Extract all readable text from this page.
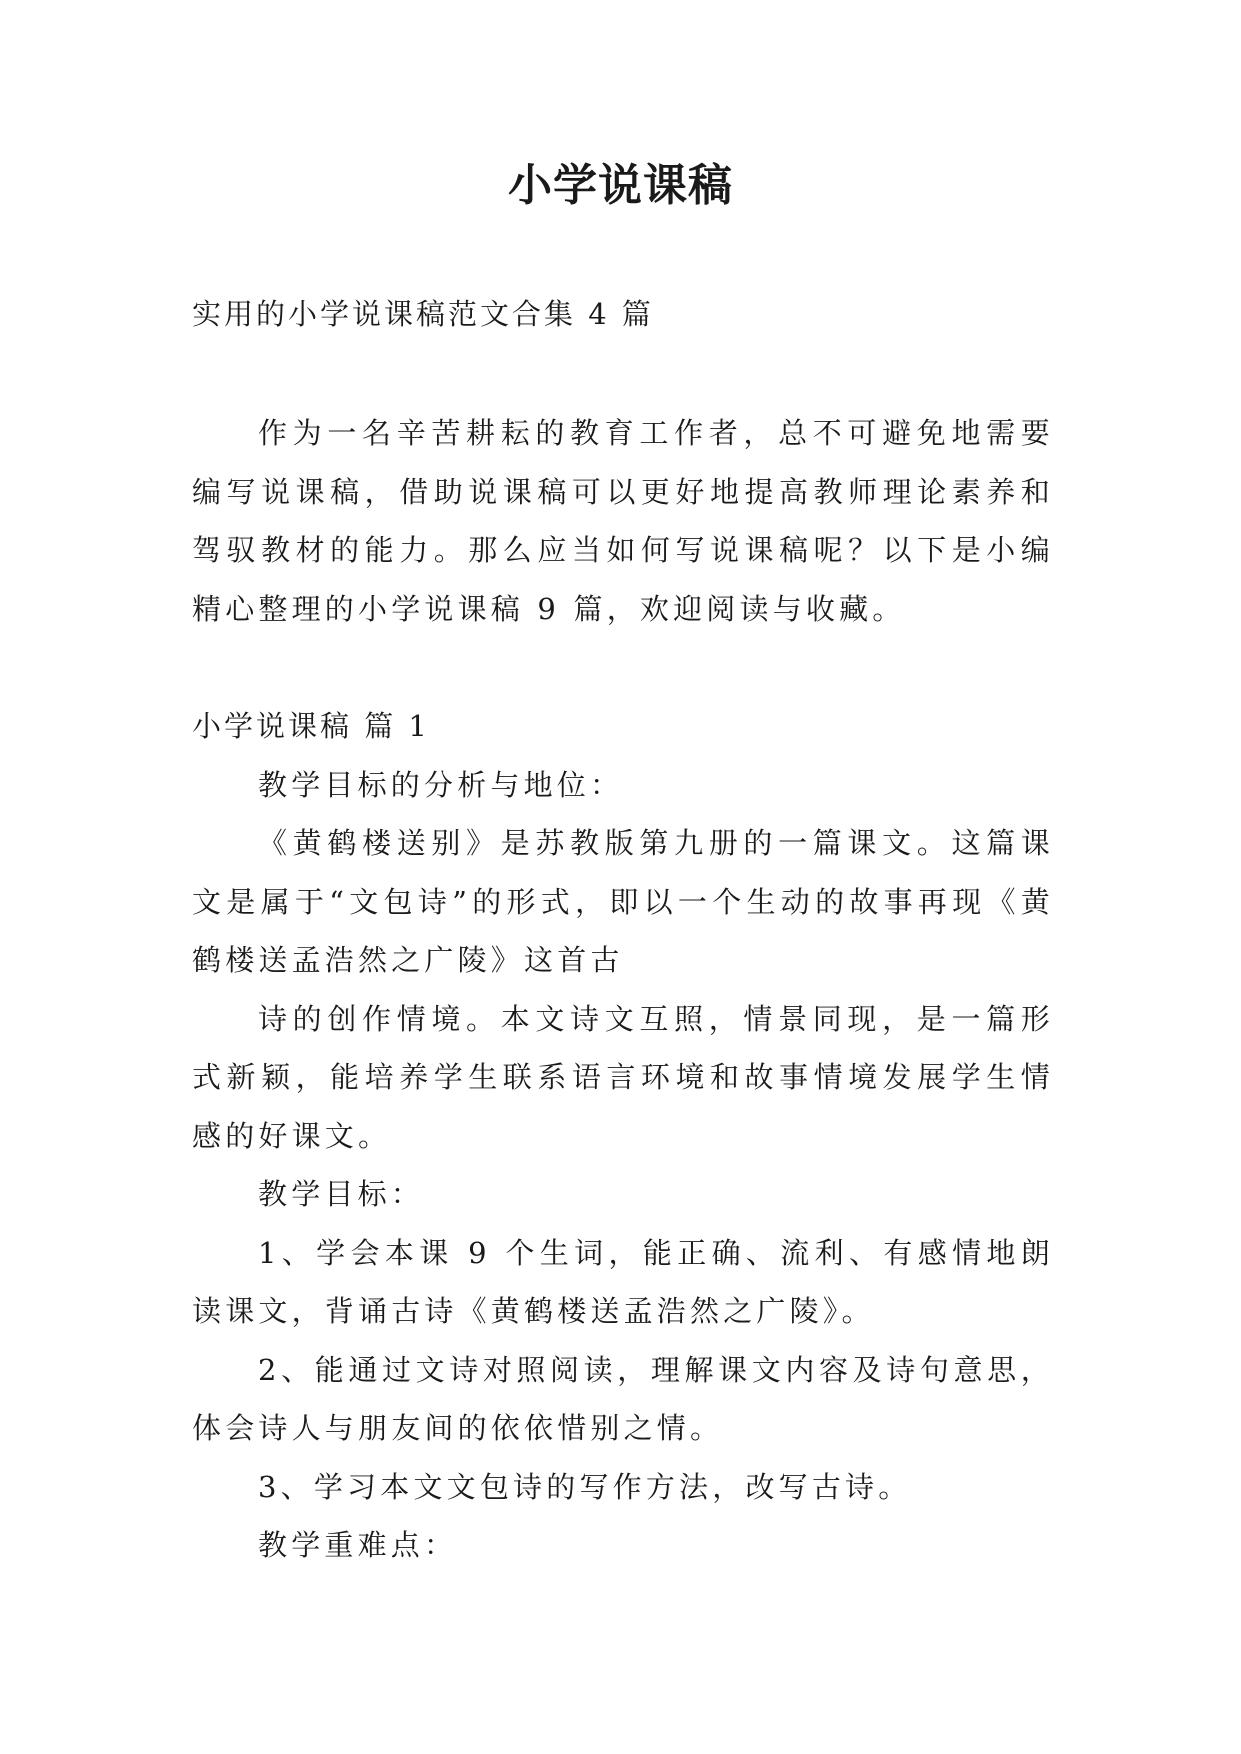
小学说课稿
实用的小学说课稿范文合集 4 篇

作为一名辛苦耕耘的教育工作者，总不可避免地需要编写说课稿，借助说课稿可以更好地提高教师理论素养和驾驭教材的能力。那么应当如何写说课稿呢？以下是小编精心整理的小学说课稿 9 篇，欢迎阅读与收藏。

小学说课稿 篇 1

教学目标的分析与地位：

《黄鹤楼送别》是苏教版第九册的一篇课文。这篇课文是属于“文包诗”的形式，即以一个生动的故事再现《黄鹤楼送孟浩然之广陵》这首古

诗的创作情境。本文诗文互照，情景同现，是一篇形式新颖，能培养学生联系语言环境和故事情境发展学生情感的好课文。

教学目标：

1、学会本课 9 个生词，能正确、流利、有感情地朗读课文，背诵古诗《黄鹤楼送孟浩然之广陵》。

2、能通过文诗对照阅读，理解课文内容及诗句意思，体会诗人与朋友间的依依惜别之情。

3、学习本文文包诗的写作方法，改写古诗。

教学重难点：
